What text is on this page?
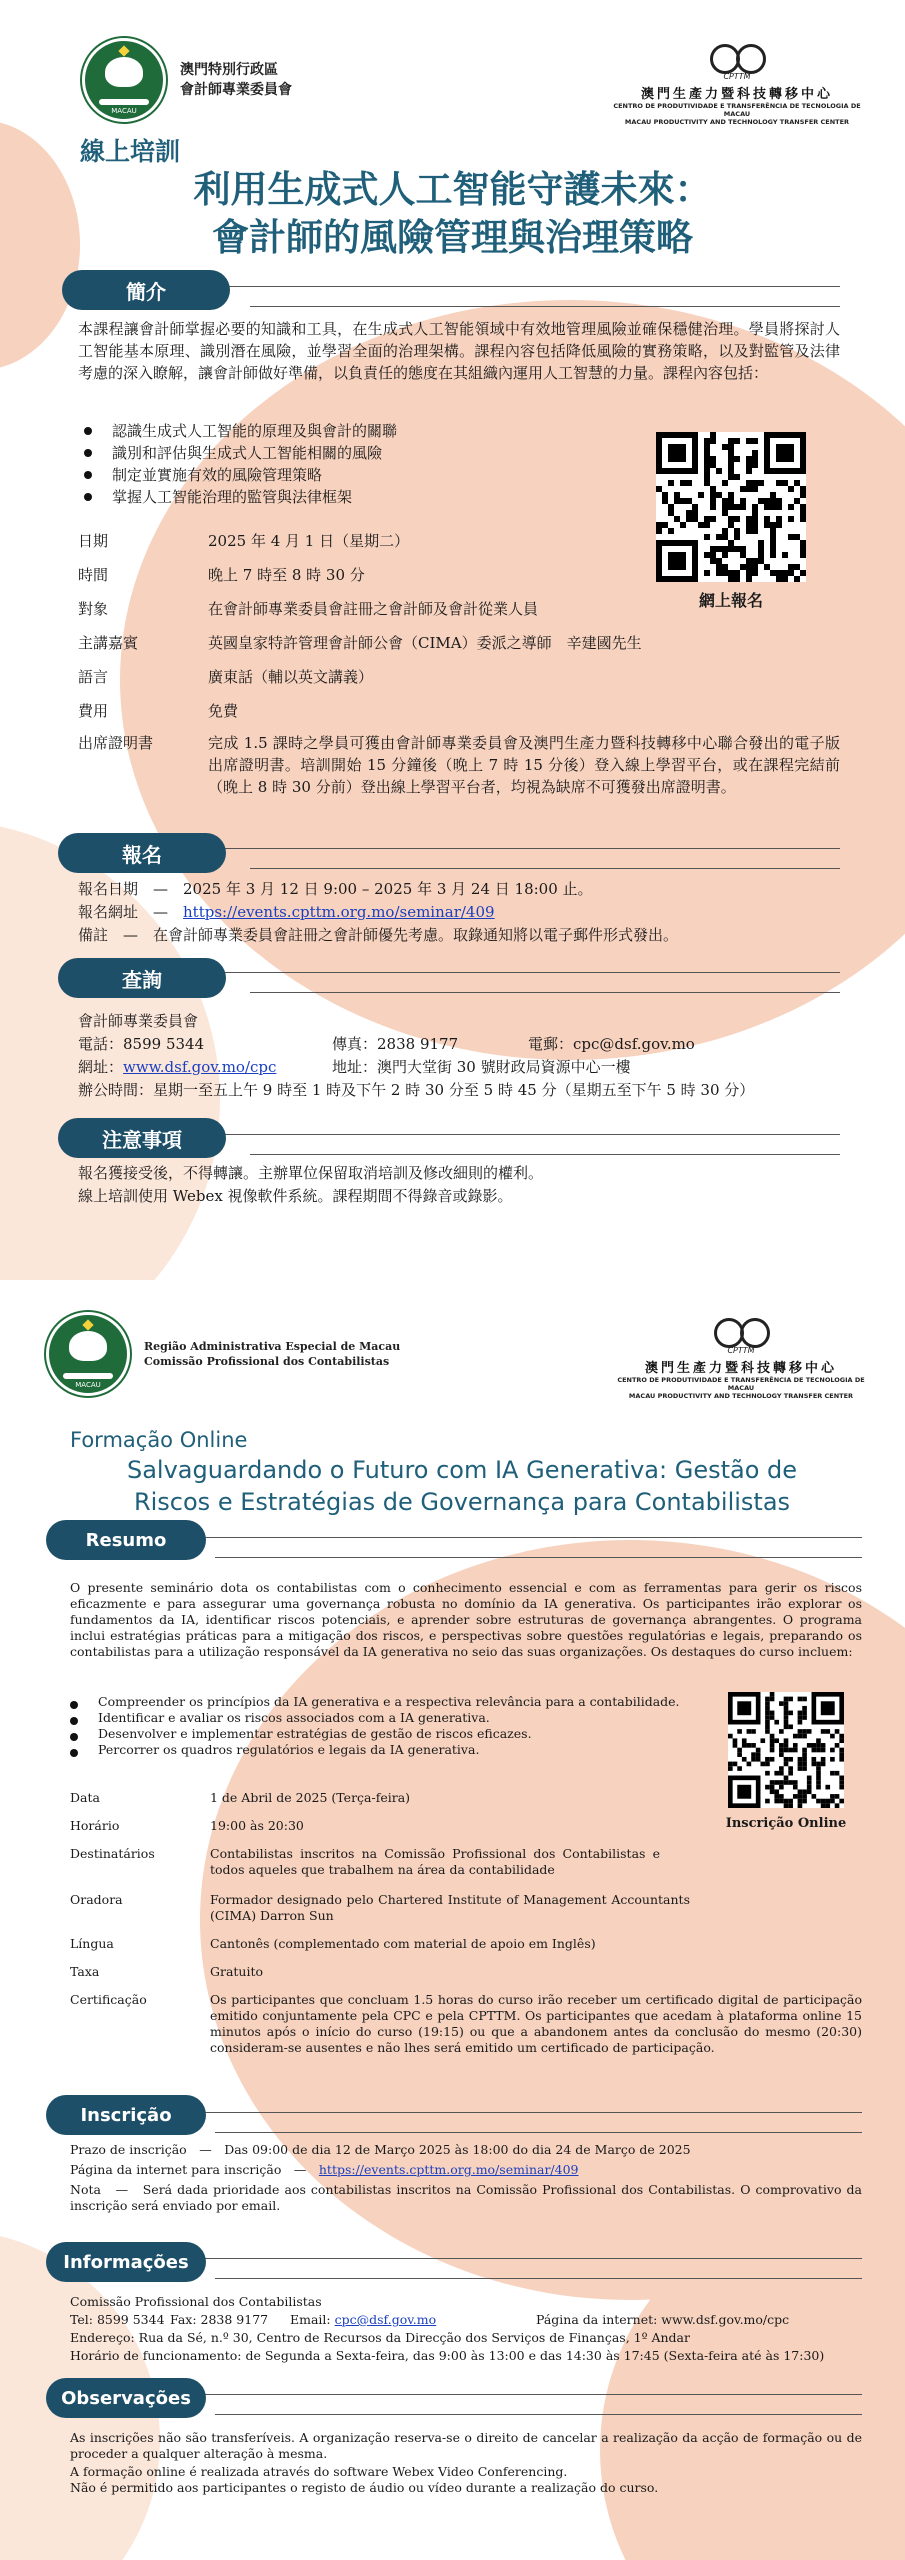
MACAU
澳門特別行政區
會計師專業委員會
CPTTM
澳門生產力暨科技轉移中心
CENTRO DE PRODUTIVIDADE E TRANSFERÊNCIA DE TECNOLOGIA DE MACAU
MACAU PRODUCTIVITY AND TECHNOLOGY TRANSFER CENTER
線上培訓
利用生成式人工智能守護未來：
會計師的風險管理與治理策略
簡介
本課程讓會計師掌握必要的知識和工具，在生成式人工智能領域中有效地管理風險並確保穩健治理。學員將探討人工智能基本原理、識別潛在風險，並學習全面的治理架構。課程內容包括降低風險的實務策略，以及對監管及法律考慮的深入瞭解，讓會計師做好準備，以負責任的態度在其組織內運用人工智慧的力量。課程內容包括：
認識生成式人工智能的原理及與會計的關聯
識別和評估與生成式人工智能相關的風險
制定並實施有效的風險管理策略
掌握人工智能治理的監管與法律框架
網上報名
日期	2025 年 4 月 1 日（星期二）
時間	晚上 7 時至 8 時 30 分
對象	在會計師專業委員會註冊之會計師及會計從業人員
主講嘉賓	英國皇家特許管理會計師公會（CIMA）委派之導師　辛建國先生
語言	廣東話（輔以英文講義）
費用	免費
出席證明書	完成 1.5 課時之學員可獲由會計師專業委員會及澳門生產力暨科技轉移中心聯合發出的電子版出席證明書。培訓開始 15 分鐘後（晚上 7 時 15 分後）登入線上學習平台，或在課程完結前（晚上 8 時 30 分前）登出線上學習平台者，均視為缺席不可獲發出席證明書。
報名
報名日期　—　2025 年 3 月 12 日 9:00 – 2025 年 3 月 24 日 18:00 止。
報名網址　—　https://events.cpttm.org.mo/seminar/409
備註　—　在會計師專業委員會註冊之會計師優先考慮。取錄通知將以電子郵件形式發出。
查詢
會計師專業委員會
電話：8599 5344	傳真：2838 9177	電郵：cpc@dsf.gov.mo
網址：www.dsf.gov.mo/cpc	地址：澳門大堂街 30 號財政局資源中心一樓
辦公時間：星期一至五上午 9 時至 1 時及下午 2 時 30 分至 5 時 45 分（星期五至下午 5 時 30 分）
注意事項
報名獲接受後，不得轉讓。主辦單位保留取消培訓及修改細則的權利。
線上培訓使用 Webex 視像軟件系統。課程期間不得錄音或錄影。
MACAU
Região Administrativa Especial de Macau
Comissão Profissional dos Contabilistas
CPTTM
澳門生產力暨科技轉移中心
CENTRO DE PRODUTIVIDADE E TRANSFERÊNCIA DE TECNOLOGIA DE MACAU
MACAU PRODUCTIVITY AND TECHNOLOGY TRANSFER CENTER
Formação Online
Salvaguardando o Futuro com IA Generativa: Gestão de
Riscos e Estratégias de Governança para Contabilistas
Resumo
O presente seminário dota os contabilistas com o conhecimento essencial e com as ferramentas para gerir os riscos eficazmente e para assegurar uma governança robusta no domínio da IA generativa. Os participantes irão explorar os fundamentos da IA, identificar riscos potenciais, e aprender sobre estruturas de governança abrangentes. O programa inclui estratégias práticas para a mitigação dos riscos, e perspectivas sobre questões regulatórias e legais, preparando os contabilistas para a utilização responsável da IA generativa no seio das suas organizações. Os destaques do curso incluem:
Compreender os princípios da IA generativa e a respectiva relevância para a contabilidade.
Identificar e avaliar os riscos associados com a IA generativa.
Desenvolver e implementar estratégias de gestão de riscos eficazes.
Percorrer os quadros regulatórios e legais da IA generativa.
Inscrição Online
Data	1 de Abril de 2025 (Terça-feira)
Horário	19:00 às 20:30
Destinatários	Contabilistas inscritos na Comissão Profissional dos Contabilistas e todos aqueles que trabalhem na área da contabilidade
Oradora	Formador designado pelo Chartered Institute of Management Accountants (CIMA) Darron Sun
Língua	Cantonês (complementado com material de apoio em Inglês)
Taxa	Gratuito
Certificação	Os participantes que concluam 1.5 horas do curso irão receber um certificado digital de participação emitido conjuntamente pela CPC e pela CPTTM. Os participantes que acedam à plataforma online 15 minutos após o início do curso (19:15) ou que a abandonem antes da conclusão do mesmo (20:30) consideram-se ausentes e não lhes será emitido um certificado de participação.
Inscrição
Prazo de inscrição　—　Das 09:00 de dia 12 de Março 2025 às 18:00 do dia 24 de Março de 2025
Página da internet para inscrição　—　https://events.cpttm.org.mo/seminar/409
Nota　—　Será dada prioridade aos contabilistas inscritos na Comissão Profissional dos Contabilistas. O comprovativo da inscrição será enviado por email.
Informações
Comissão Profissional dos Contabilistas
Tel: 8599 5344 Fax: 2838 9177 Email: cpc@dsf.gov.mo	Página da internet: www.dsf.gov.mo/cpc
Endereço: Rua da Sé, n.º 30, Centro de Recursos da Direcção dos Serviços de Finanças, 1º Andar
Horário de funcionamento: de Segunda a Sexta-feira, das 9:00 às 13:00 e das 14:30 às 17:45 (Sexta-feira até às 17:30)
Observações
As inscrições não são transferíveis. A organização reserva-se o direito de cancelar a realização da acção de formação ou de proceder a qualquer alteração à mesma.
A formação online é realizada através do software Webex Video Conferencing.
Não é permitido aos participantes o registo de áudio ou vídeo durante a realização do curso.
